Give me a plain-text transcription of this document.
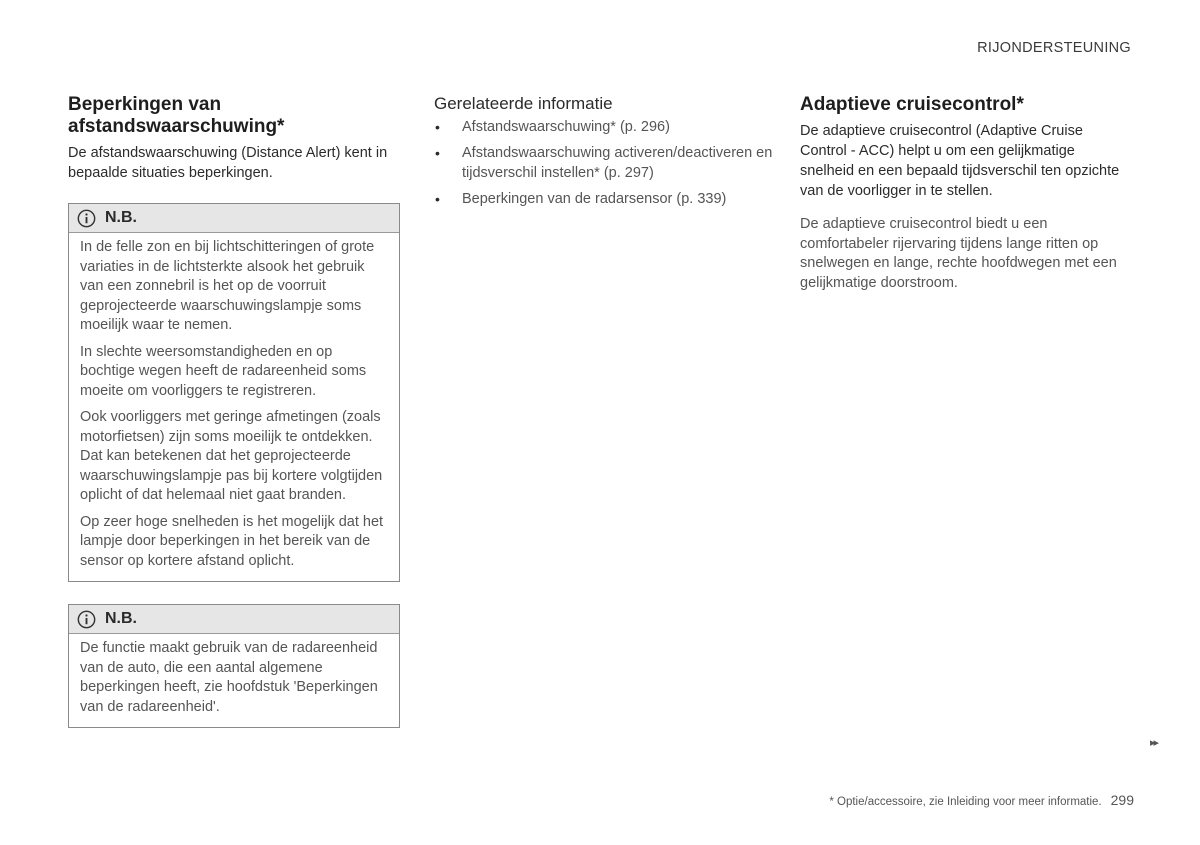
RIJONDERSTEUNING
Beperkingen van afstandswaarschuwing*

De afstandswaarschuwing (Distance Alert) kent in bepaalde situaties beperkingen.

N.B.

In de felle zon en bij lichtschitteringen of grote variaties in de lichtsterkte alsook het gebruik van een zonnebril is het op de voorruit geprojecteerde waarschuwingslampje soms moeilijk waar te nemen.

In slechte weersomstandigheden en op bochtige wegen heeft de radareenheid soms moeite om voorliggers te registreren.

Ook voorliggers met geringe afmetingen (zoals motorfietsen) zijn soms moeilijk te ontdekken. Dat kan betekenen dat het geprojecteerde waarschuwingslampje pas bij kortere volgtijden oplicht of dat helemaal niet gaat branden.

Op zeer hoge snelheden is het mogelijk dat het lampje door beperkingen in het bereik van de sensor op kortere afstand oplicht.

N.B.

De functie maakt gebruik van de radareenheid van de auto, die een aantal algemene beperkingen heeft, zie hoofdstuk 'Beperkingen van de radareenheid'.

Gerelateerde informatie
• Afstandswaarschuwing* (p. 296)
• Afstandswaarschuwing activeren/deactiveren en tijdsverschil instellen* (p. 297)
• Beperkingen van de radarsensor (p. 339)
Adaptieve cruisecontrol*

De adaptieve cruisecontrol (Adaptive Cruise Control - ACC) helpt u om een gelijkmatige snelheid en een bepaald tijdsverschil ten opzichte van de voorligger in te stellen.

De adaptieve cruisecontrol biedt u een comfortabeler rijervaring tijdens lange ritten op snelwegen en lange, rechte hoofdwegen met een gelijkmatige doorstroom.

▸▸
* Optie/accessoire, zie Inleiding voor meer informatie. 299
